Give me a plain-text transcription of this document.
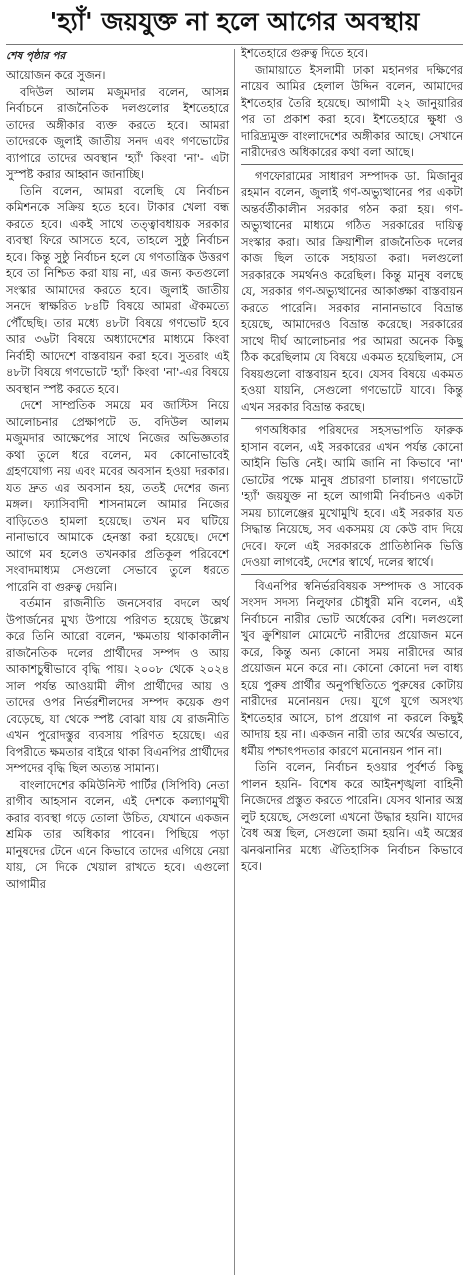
'হ্যাঁ' জয়যুক্ত না হলে আগের অবস্থায়
শেষ পৃষ্ঠার পর

আয়োজন করে সুজন।

বদিউল আলম মজুমদার বলেন, আসন্ন নির্বাচনে রাজনৈতিক দলগুলোর ইশতেহারে তাদের অঙ্গীকার ব্যক্ত করতে হবে। আমরা তাদেরকে জুলাই জাতীয় সনদ এবং গণভোটের ব্যাপারে তাদের অবস্থান 'হ্যাঁ' কিংবা 'না'- এটা সুস্পষ্ট করার আহ্বান জানাচ্ছি।

তিনি বলেন, আমরা বলেছি যে নির্বাচন কমিশনকে সক্রিয় হতে হবে। টাকার খেলা বন্ধ করতে হবে। একই সাথে তত্ত্বাবধায়ক সরকার ব্যবস্থা ফিরে আসতে হবে, তাহলে সুষ্ঠু নির্বাচন হবে। কিন্তু সুষ্ঠু নির্বাচন হলে যে গণতান্ত্রিক উত্তরণ হবে তা নিশ্চিত করা যায় না, এর জন্য কতগুলো সংস্কার আমাদের করতে হবে। জুলাই জাতীয় সনদে স্বাক্ষরিত ৮৪টি বিষয়ে আমরা ঐকমত্যে পৌঁছেছি। তার মধ্যে ৪৮টা বিষয়ে গণভোট হবে আর ৩৬টা বিষয়ে অধ্যাদেশের মাধ্যমে কিংবা নির্বাহী আদেশে বাস্তবায়ন করা হবে। সুতরাং এই ৪৮টা বিষয়ে গণভোটে 'হ্যাঁ' কিংবা 'না'-এর বিষয়ে অবস্থান স্পষ্ট করতে হবে।

দেশে সাম্প্রতিক সময়ে মব জাস্টিস নিয়ে আলোচনার প্রেক্ষাপটে ড. বদিউল আলম মজুমদার আক্ষেপের সাথে নিজের অভিজ্ঞতার কথা তুলে ধরে বলেন, মব কোনোভাবেই গ্রহণযোগ্য নয় এবং মবের অবসান হওয়া দরকার। যত দ্রুত এর অবসান হয়, ততই দেশের জন্য মঙ্গল। ফ্যাসিবাদী শাসনামলে আমার নিজের বাড়িতেও হামলা হয়েছে। তখন মব ঘটিয়ে নানাভাবে আমাকে হেনস্তা করা হয়েছে। দেশে আগে মব হলেও তখনকার প্রতিকূল পরিবেশে সংবাদমাধ্যম সেগুলো সেভাবে তুলে ধরতে পারেনি বা গুরুত্ব দেয়নি।

বর্তমান রাজনীতি জনসেবার বদলে অর্থ উপার্জনের মুখ্য উপায়ে পরিণত হয়েছে উল্লেখ করে তিনি আরো বলেন, 'ক্ষমতায় থাকাকালীন রাজনৈতিক দলের প্রার্থীদের সম্পদ ও আয় আকাশচুম্বীভাবে বৃদ্ধি পায়। ২০০৮ থেকে ২০২৪ সাল পর্যন্ত আওয়ামী লীগ প্রার্থীদের আয় ও তাদের ওপর নির্ভরশীলদের সম্পদ কয়েক গুণ বেড়েছে, যা থেকে স্পষ্ট বোঝা যায় যে রাজনীতি এখন পুরোদস্তুর ব্যবসায় পরিণত হয়েছে। এর বিপরীতে ক্ষমতার বাইরে থাকা বিএনপির প্রার্থীদের সম্পদের বৃদ্ধি ছিল অত্যন্ত সামান্য।

বাংলাদেশের কমিউনিস্ট পার্টির (সিপিবি) নেতা রাগীব আহসান বলেন, এই দেশকে কল্যাণমুখী করার ব্যবস্থা গড়ে তোলা উচিত, যেখানে একজন শ্রমিক তার অধিকার পাবেন। পিছিয়ে পড়া মানুষদের টেনে এনে কিভাবে তাদের এগিয়ে নেয়া যায়, সে দিকে খেয়াল রাখতে হবে। এগুলো আগামীর

ইশতেহারে গুরুত্ব দিতে হবে।

জামায়াতে ইসলামী ঢাকা মহানগর দক্ষিণের নায়েব আমির হেলাল উদ্দিন বলেন, আমাদের ইশতেহার তৈরি হয়েছে। আগামী ২২ জানুয়ারির পর তা প্রকাশ করা হবে। ইশতেহারে ক্ষুধা ও দারিদ্র্যমুক্ত বাংলাদেশের অঙ্গীকার আছে। সেখানে নারীদেরও অধিকারের কথা বলা আছে।

গণফোরামের সাধারণ সম্পাদক ডা. মিজানুর রহমান বলেন, জুলাই গণ-অভ্যুত্থানের পর একটা অন্তর্বর্তীকালীন সরকার গঠন করা হয়। গণ-অভ্যুত্থানের মাধ্যমে গঠিত সরকারের দায়িত্ব সংস্কার করা। আর ক্রিয়াশীল রাজনৈতিক দলের কাজ ছিল তাকে সহায়তা করা। দলগুলো সরকারকে সমর্থনও করেছিল। কিন্তু মানুষ বলছে যে, সরকার গণ-অভ্যুত্থানের আকাঙ্ক্ষা বাস্তবায়ন করতে পারেনি। সরকার নানানভাবে বিভ্রান্ত হয়েছে, আমাদেরও বিভ্রান্ত করেছে। সরকারের সাথে দীর্ঘ আলোচনার পর আমরা অনেক কিছু ঠিক করেছিলাম যে বিষয়ে একমত হয়েছিলাম, সে বিষয়গুলো বাস্তবায়ন হবে। যেসব বিষয়ে একমত হওয়া যায়নি, সেগুলো গণভোটে যাবে। কিন্তু এখন সরকার বিভ্রান্ত করছে।

গণঅধিকার পরিষদের সহসভাপতি ফারুক হাসান বলেন, এই সরকারের এখন পর্যন্ত কোনো আইনি ভিত্তি নেই। আমি জানি না কিভাবে 'না' ভোটের পক্ষে মানুষ প্রচারণা চালায়। গণভোটে 'হ্যাঁ' জয়যুক্ত না হলে আগামী নির্বাচনও একটা সময় চ্যালেঞ্জের মুখোমুখি হবে। এই সরকার যত সিদ্ধান্ত নিয়েছে, সব একসময় যে কেউ বাদ দিয়ে দেবে। ফলে এই সরকারকে প্রাতিষ্ঠানিক ভিত্তি দেওয়া লাগবেই, দেশের স্বার্থে, দলের স্বার্থে।

বিএনপির স্বনির্ভরবিষয়ক সম্পাদক ও সাবেক সংসদ সদস্য নিলুফার চৌধুরী মনি বলেন, এই নির্বাচনে নারীর ভোট অর্ধেকের বেশি। দলগুলো খুব ক্রুশিয়াল মোমেন্টে নারীদের প্রয়োজন মনে করে, কিন্তু অন্য কোনো সময় নারীদের আর প্রয়োজন মনে করে না। কোনো কোনো দল বাধ্য হয়ে পুরুষ প্রার্থীর অনুপস্থিতিতে পুরুষের কোটায় নারীদের মনোনয়ন দেয়। যুগে যুগে অসংখ্য ইশতেহার আসে, চাপ প্রয়োগ না করলে কিছুই আদায় হয় না। একজন নারী তার অর্থের অভাবে, ধর্মীয় পশ্চাৎপদতার কারণে মনোনয়ন পান না।

তিনি বলেন, নির্বাচন হওয়ার পূর্বশর্ত কিছু পালন হয়নি- বিশেষ করে আইনশৃঙ্খলা বাহিনী নিজেদের প্রস্তুত করতে পারেনি। যেসব থানার অস্ত্র লুট হয়েছে, সেগুলো এখনো উদ্ধার হয়নি। যাদের বৈধ অস্ত্র ছিল, সেগুলো জমা হয়নি। এই অস্ত্রের ঝনঝনানির মধ্যে ঐতিহাসিক নির্বাচন কিভাবে হবে।
